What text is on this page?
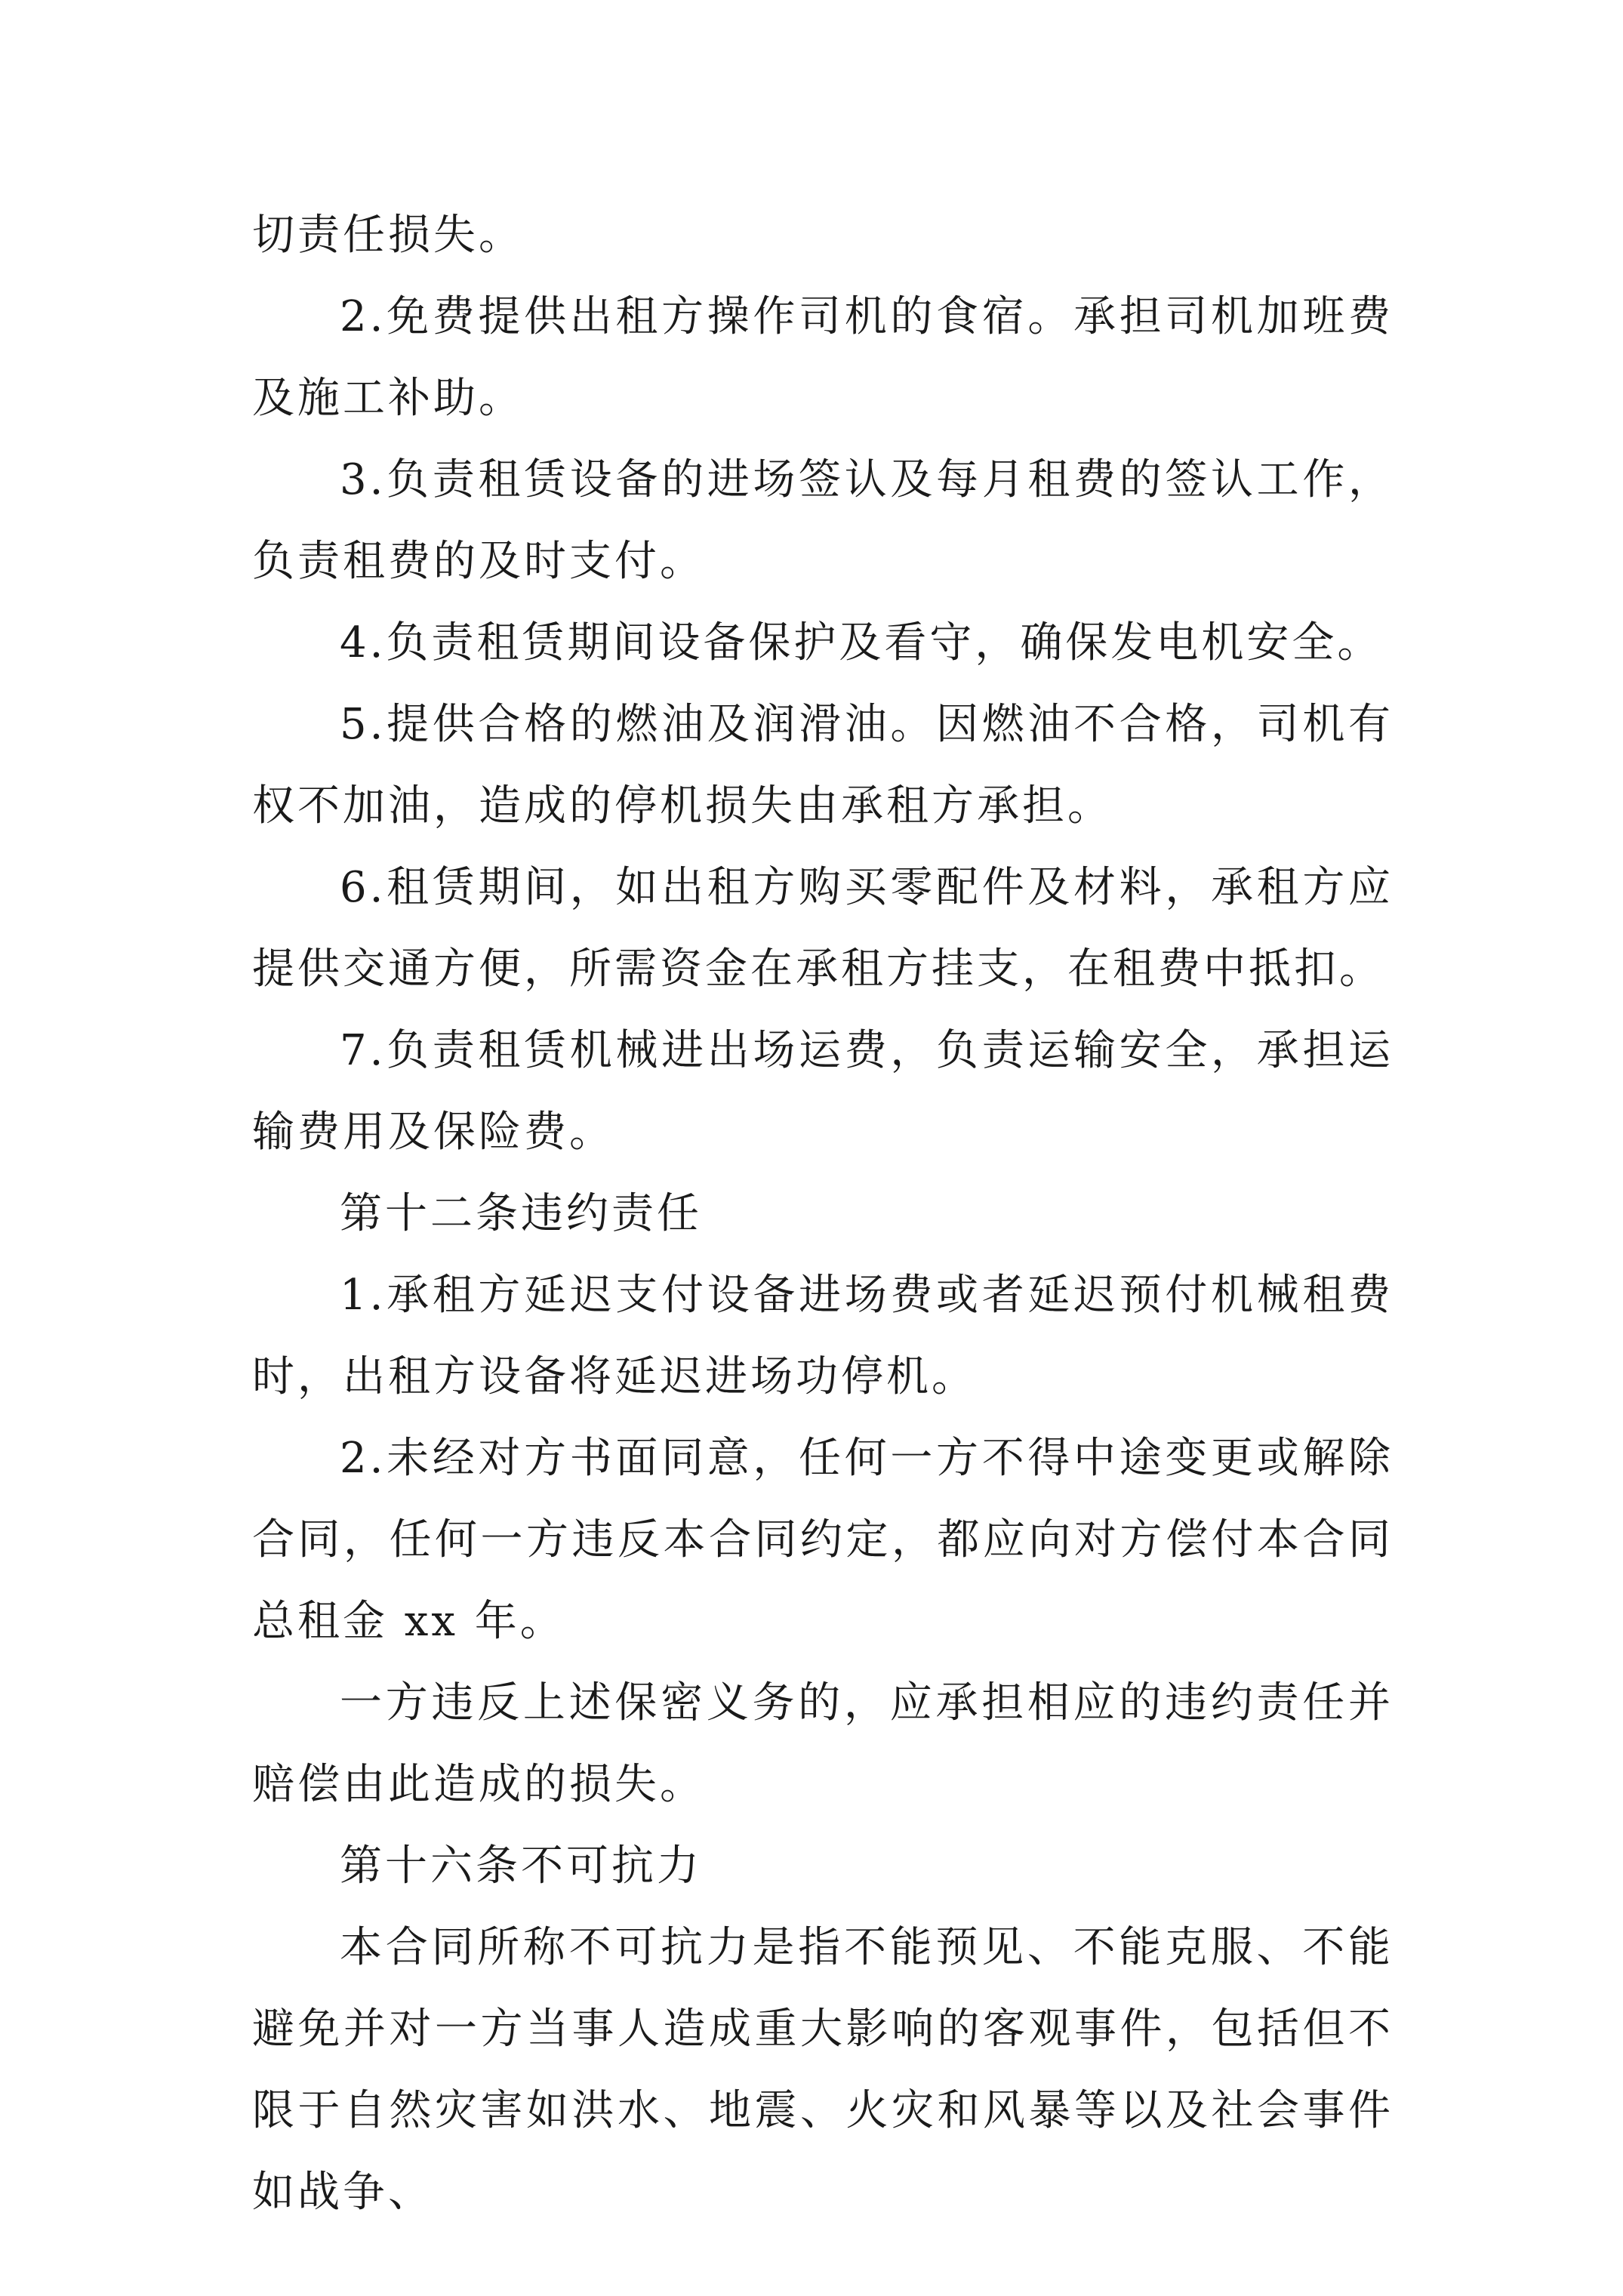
切责任损失。

2.免费提供出租方操作司机的食宿。承担司机加班费及施工补助。

3.负责租赁设备的进场签认及每月租费的签认工作，负责租费的及时支付。

4.负责租赁期间设备保护及看守，确保发电机安全。

5.提供合格的燃油及润滑油。因燃油不合格，司机有权不加油，造成的停机损失由承租方承担。

6.租赁期间，如出租方购买零配件及材料，承租方应提供交通方便，所需资金在承租方挂支，在租费中抵扣。

7.负责租赁机械进出场运费，负责运输安全，承担运输费用及保险费。

第十二条违约责任

1.承租方延迟支付设备进场费或者延迟预付机械租费时，出租方设备将延迟进场功停机。

2.未经对方书面同意，任何一方不得中途变更或解除合同，任何一方违反本合同约定，都应向对方偿付本合同总租金 xx 年。

一方违反上述保密义务的，应承担相应的违约责任并赔偿由此造成的损失。

第十六条不可抗力

本合同所称不可抗力是指不能预见、不能克服、不能避免并对一方当事人造成重大影响的客观事件，包括但不限于自然灾害如洪水、地震、火灾和风暴等以及社会事件如战争、
